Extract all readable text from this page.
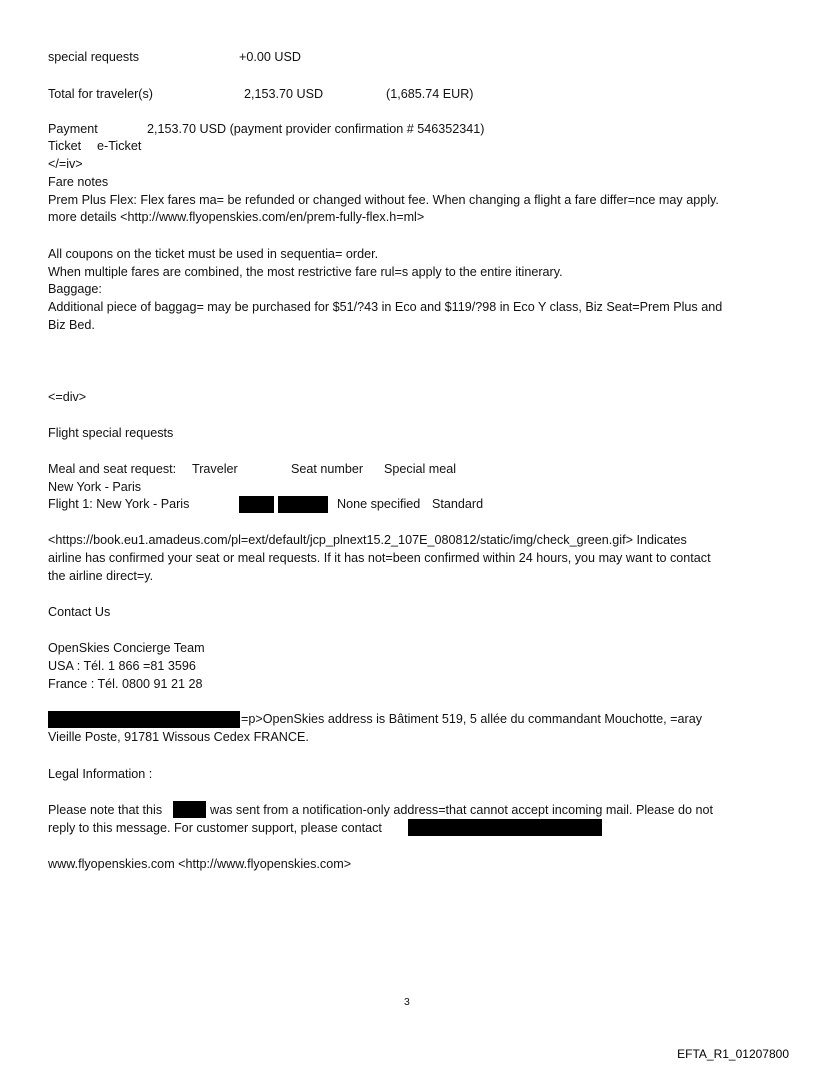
special requests	+0.00 USD
Total for traveler(s)	2,153.70 USD	(1,685.74 EUR)
Payment	2,153.70 USD (payment provider confirmation # 546352341)
Ticket e-Ticket
</=iv>
Fare notes
Prem Plus Flex: Flex fares ma= be refunded or changed without fee. When changing a flight a fare differ=nce may apply.
more details <http://www.flyopenskies.com/en/prem-fully-flex.h=ml>
All coupons on the ticket must be used in sequentia= order.
When multiple fares are combined, the most restrictive fare rul=s apply to the entire itinerary.
Baggage:
Additional piece of baggag= may be purchased for $51/?43 in Eco and $119/?98 in Eco Y class, Biz Seat=Prem Plus and
Biz Bed.
<=div>
Flight special requests
Meal and seat request: Traveler	Seat number Special meal
New York - Paris
Flight 1: New York - Paris	None specified Standard
<https://book.eu1.amadeus.com/pl=ext/default/jcp_plnext15.2_107E_080812/static/img/check_green.gif> Indicates
airline has confirmed your seat or meal requests. If it has not=been confirmed within 24 hours, you may want to contact
the airline direct=y.
Contact Us
OpenSkies Concierge Team
USA : Tél. 1 866 =81 3596
France : Tél. 0800 91 21 28
=p>OpenSkies address is Bâtiment 519, 5 allée du commandant Mouchotte, =aray
Vieille Poste, 91781 Wissous Cedex FRANCE.
Legal Information :
Please note that this	was sent from a notification-only address=that cannot accept incoming mail. Please do not
reply to this message. For customer support, please contact
www.flyopenskies.com <http://www.flyopenskies.com>
3
EFTA_R1_01207800
